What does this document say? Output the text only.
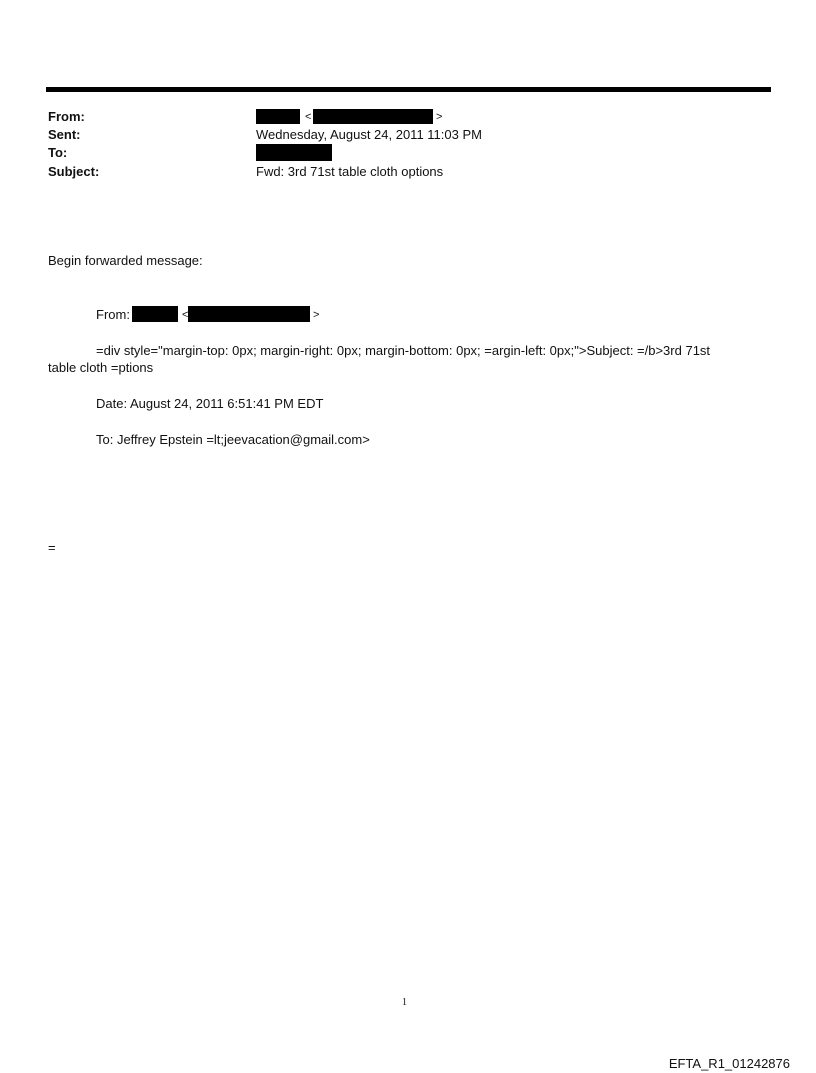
From:	<	>
Sent:	Wednesday, August 24, 2011 11:03 PM
To:
Subject:	Fwd: 3rd 71st table cloth options
Begin forwarded message:
From:	<	>
=div style="margin-top: 0px; margin-right: 0px; margin-bottom: 0px; =argin-left: 0px;">Subject: =/b>3rd 71st
table cloth =ptions
Date: August 24, 2011 6:51:41 PM EDT
To: Jeffrey Epstein =lt;jeevacation@gmail.com>
=
1
EFTA_R1_01242876
